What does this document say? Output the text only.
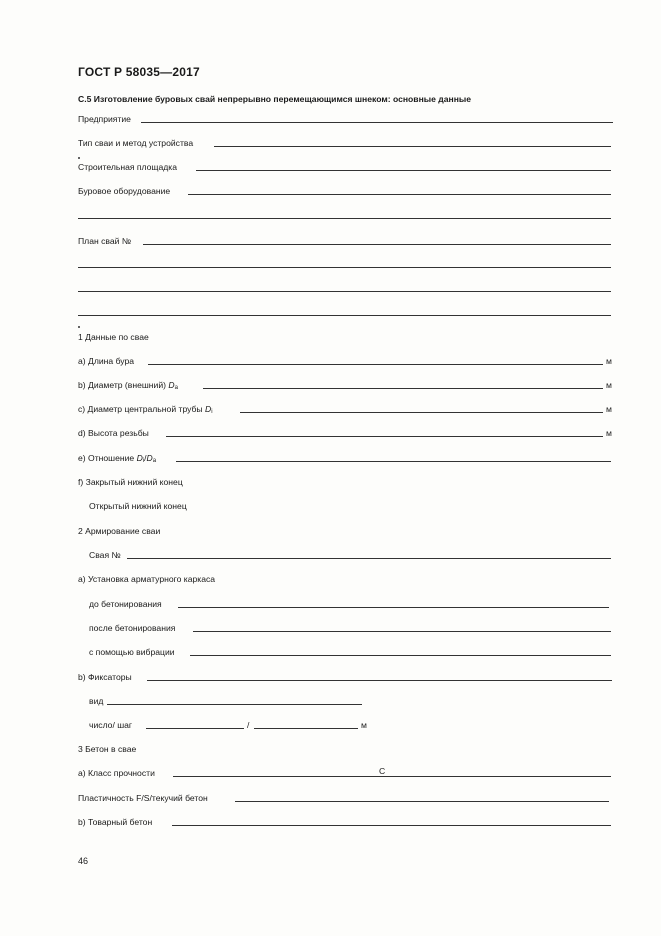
ГОСТ Р 58035—2017
С.5 Изготовление буровых свай непрерывно перемещающимся шнеком: основные данные
Предприятие
Тип сваи и метод устройства
Строительная площадка
Буровое оборудование
План свай №
1 Данные по свае
а) Длина бура	м
b) Диаметр (внешний) $D_a$	м
с) Диаметр центральной трубы $D_i$	м
d) Высота резьбы	м
е) Отношение $D_i/D_a$
f) Закрытый нижний конец
Открытый нижний конец
2 Армирование сваи
Свая №
а) Установка арматурного каркаса
до бетонирования
после бетонирования
с помощью вибрации
b) Фиксаторы
вид
число/ шаг	/	м
3 Бетон в свае
а) Класс прочности	С
Пластичность F/S/текучий бетон
b) Товарный бетон
46
